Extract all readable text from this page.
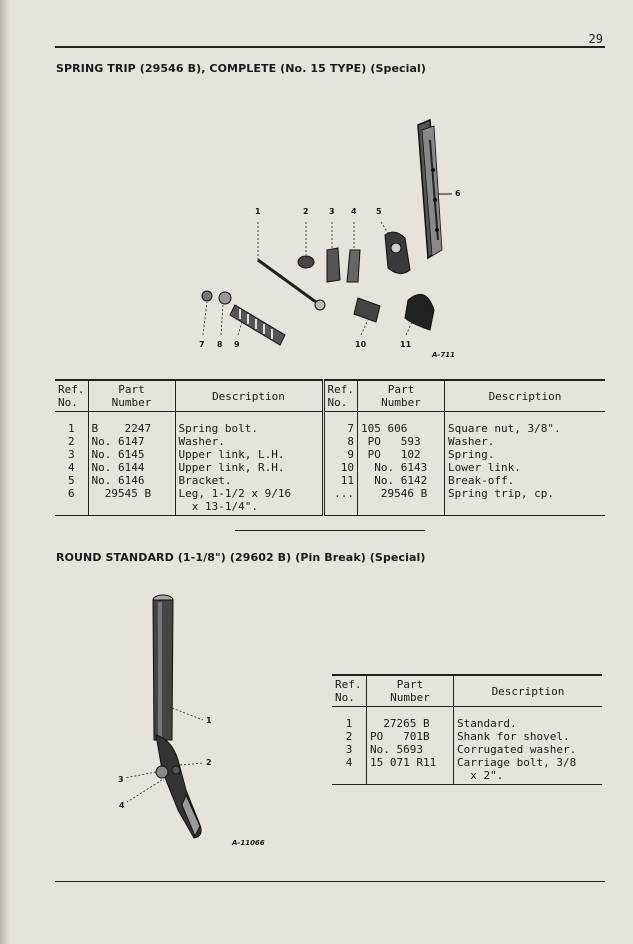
29
SPRING TRIP (29546 B), COMPLETE (No. 15 TYPE) (Special)
1	2	3 4 5
6
7 8 9	10	11
A-711
Ref.
No.	Part
Number	Description	Ref.
No.	Part
Number	Description
1	B    2247	Spring bolt.	7	105 606	Square nut, 3/8".
2	No. 6147	Washer.	8	PO   593	Washer.
3	No. 6145	Upper link, L.H.	9	PO   102	Spring.
4	No. 6144	Upper link, R.H.	10	No. 6143	Lower link.
5	No. 6146	Bracket.	11	No. 6142	Break-off.
6	29545 B	Leg, 1-1/2 x 9/16
x 13-1/4".	...	29546 B	Spring trip, cp.
ROUND STANDARD (1-1/8") (29602 B) (Pin Break) (Special)
1
2
3
4
A-11066
Ref.
No.	Part
Number	Description
1	27265 B	Standard.
2	PO   701B	Shank for shovel.
3	No. 5693	Corrugated washer.
4	15 071 R11	Carriage bolt, 3/8
x 2".
